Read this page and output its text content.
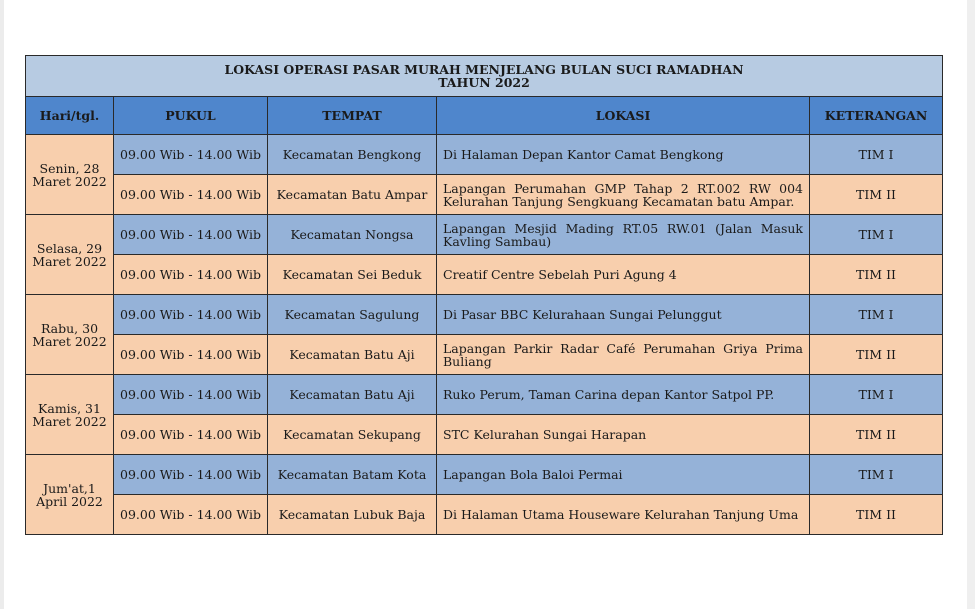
LOKASI OPERASI PASAR MURAH MENJELANG BULAN SUCI RAMADHAN
TAHUN 2022				
Hari/tgl.	PUKUL	TEMPAT	LOKASI	KETERANGAN
Senin, 28 Maret 2022	09.00 Wib - 14.00 Wib	Kecamatan Bengkong	Di Halaman Depan Kantor Camat Bengkong	TIM I
	09.00 Wib - 14.00 Wib	Kecamatan Batu Ampar	Lapangan Perumahan GMP Tahap 2 RT.002 RW 004 Kelurahan Tanjung Sengkuang Kecamatan batu Ampar.	TIM II
Selasa, 29 Maret 2022	09.00 Wib - 14.00 Wib	Kecamatan Nongsa	Lapangan Mesjid Mading RT.05 RW.01 (Jalan Masuk Kavling Sambau)	TIM I
	09.00 Wib - 14.00 Wib	Kecamatan Sei Beduk	Creatif Centre Sebelah Puri Agung 4	TIM II
Rabu, 30 Maret 2022	09.00 Wib - 14.00 Wib	Kecamatan Sagulung	Di Pasar BBC Kelurahaan Sungai Pelunggut	TIM I
	09.00 Wib - 14.00 Wib	Kecamatan Batu Aji	Lapangan Parkir Radar Café Perumahan Griya Prima Buliang	TIM II
Kamis, 31 Maret 2022	09.00 Wib - 14.00 Wib	Kecamatan Batu Aji	Ruko Perum, Taman Carina depan Kantor Satpol PP.	TIM I
	09.00 Wib - 14.00 Wib	Kecamatan Sekupang	STC Kelurahan Sungai Harapan	TIM II
Jum'at,1 April 2022	09.00 Wib - 14.00 Wib	Kecamatan Batam Kota	Lapangan Bola Baloi Permai	TIM I
	09.00 Wib - 14.00 Wib	Kecamatan Lubuk Baja	Di Halaman Utama Houseware Kelurahan Tanjung Uma	TIM II
